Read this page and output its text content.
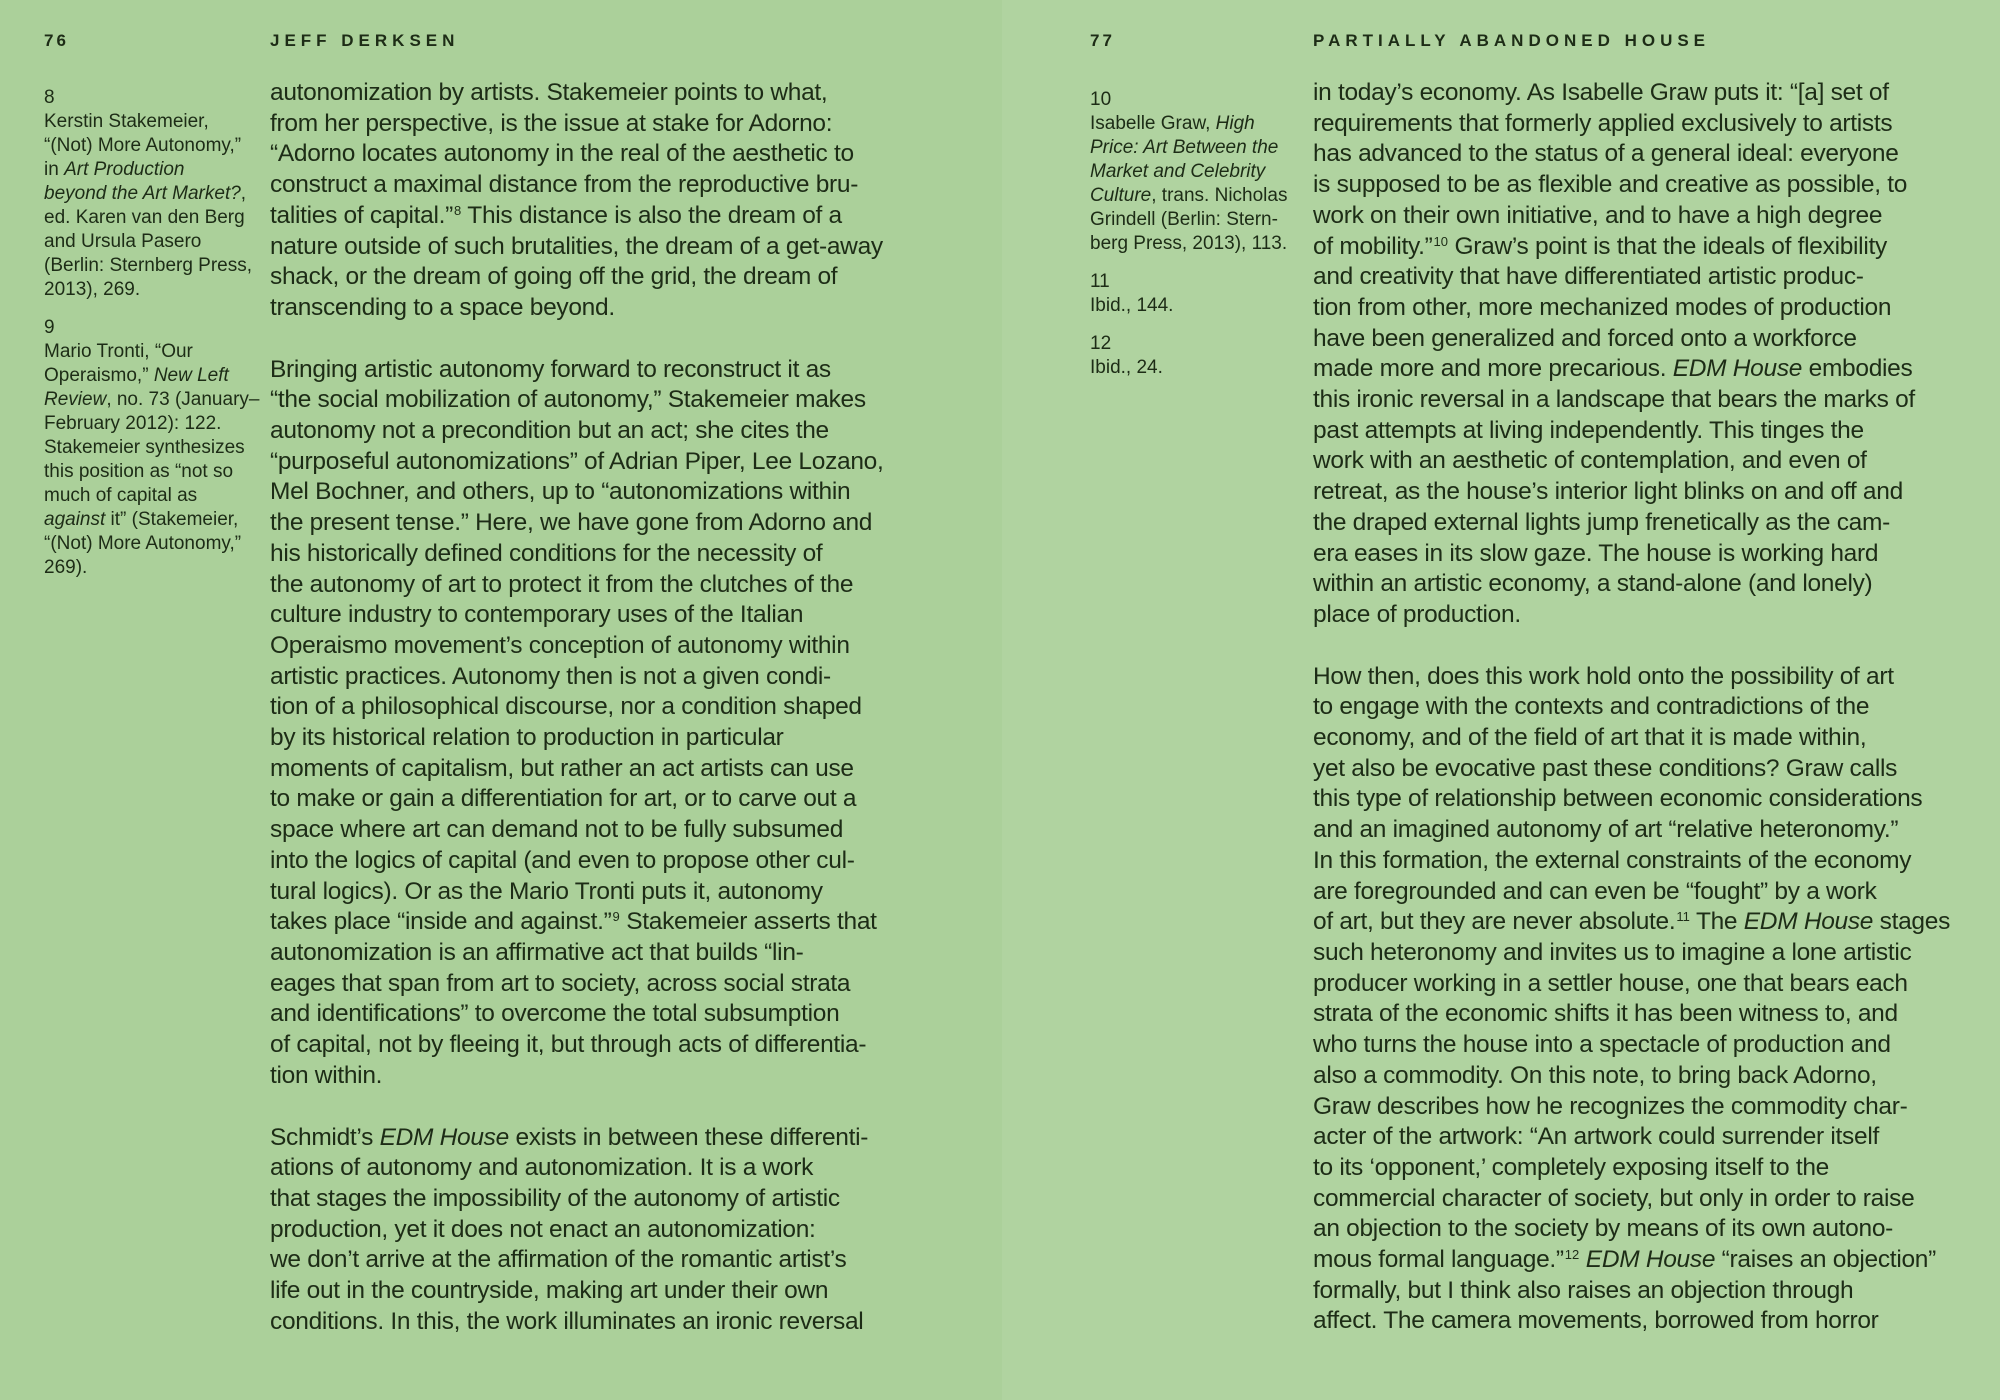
76	JEFF DERKSEN
8
Kerstin Stakemeier,
“(Not) More Autonomy,”
in Art Production
beyond the Art Market?,
ed. Karen van den Berg
and Ursula Pasero
(Berlin: Sternberg Press,
2013), 269.
9
Mario Tronti, “Our
Operaismo,” New Left
Review, no. 73 (January–
February 2012): 122.
Stakemeier synthesizes
this position as “not so
much of capital as
against it” (Stakemeier,
“(Not) More Autonomy,”
269).
autonomization by artists. Stakemeier points to what,
from her perspective, is the issue at stake for Adorno:
“Adorno locates autonomy in the real of the aesthetic to
construct a maximal distance from the reproductive bru-
talities of capital.”$^8$ This distance is also the dream of a
nature outside of such brutalities, the dream of a get-away
shack, or the dream of going off the grid, the dream of
transcending to a space beyond.
Bringing artistic autonomy forward to reconstruct it as
“the social mobilization of autonomy,” Stakemeier makes
autonomy not a precondition but an act; she cites the
“purposeful autonomizations” of Adrian Piper, Lee Lozano,
Mel Bochner, and others, up to “autonomizations within
the present tense.” Here, we have gone from Adorno and
his historically defined conditions for the necessity of
the autonomy of art to protect it from the clutches of the
culture industry to contemporary uses of the Italian
Operaismo movement’s conception of autonomy within
artistic practices. Autonomy then is not a given condi-
tion of a philosophical discourse, nor a condition shaped
by its historical relation to production in particular
moments of capitalism, but rather an act artists can use
to make or gain a differentiation for art, or to carve out a
space where art can demand not to be fully subsumed
into the logics of capital (and even to propose other cul-
tural logics). Or as the Mario Tronti puts it, autonomy
takes place “inside and against.”$^9$ Stakemeier asserts that
autonomization is an affirmative act that builds “lin-
eages that span from art to society, across social strata
and identifications” to overcome the total subsumption
of capital, not by fleeing it, but through acts of differentia-
tion within.
Schmidt’s EDM House exists in between these differenti-
ations of autonomy and autonomization. It is a work
that stages the impossibility of the autonomy of artistic
production, yet it does not enact an autonomization:
we don’t arrive at the affirmation of the romantic artist’s
life out in the countryside, making art under their own
conditions. In this, the work illuminates an ironic reversal
77	PARTIALLY ABANDONED HOUSE
10
Isabelle Graw, High
Price: Art Between the
Market and Celebrity
Culture, trans. Nicholas
Grindell (Berlin: Stern-
berg Press, 2013), 113.
11
Ibid., 144.
12
Ibid., 24.
in today’s economy. As Isabelle Graw puts it: “[a] set of
requirements that formerly applied exclusively to artists
has advanced to the status of a general ideal: everyone
is supposed to be as flexible and creative as possible, to
work on their own initiative, and to have a high degree
of mobility.”$^{10}$ Graw’s point is that the ideals of flexibility
and creativity that have differentiated artistic produc-
tion from other, more mechanized modes of production
have been generalized and forced onto a workforce
made more and more precarious. EDM House embodies
this ironic reversal in a landscape that bears the marks of
past attempts at living independently. This tinges the
work with an aesthetic of contemplation, and even of
retreat, as the house’s interior light blinks on and off and
the draped external lights jump frenetically as the cam-
era eases in its slow gaze. The house is working hard
within an artistic economy, a stand-alone (and lonely)
place of production.
How then, does this work hold onto the possibility of art
to engage with the contexts and contradictions of the
economy, and of the field of art that it is made within,
yet also be evocative past these conditions? Graw calls
this type of relationship between economic considerations
and an imagined autonomy of art “relative heteronomy.”
In this formation, the external constraints of the economy
are foregrounded and can even be “fought” by a work
of art, but they are never absolute.$^{11}$ The EDM House stages
such heteronomy and invites us to imagine a lone artistic
producer working in a settler house, one that bears each
strata of the economic shifts it has been witness to, and
who turns the house into a spectacle of production and
also a commodity. On this note, to bring back Adorno,
Graw describes how he recognizes the commodity char-
acter of the artwork: “An artwork could surrender itself
to its ‘opponent,’ completely exposing itself to the
commercial character of society, but only in order to raise
an objection to the society by means of its own autono-
mous formal language.”$^{12}$ EDM House “raises an objection”
formally, but I think also raises an objection through
affect. The camera movements, borrowed from horror
